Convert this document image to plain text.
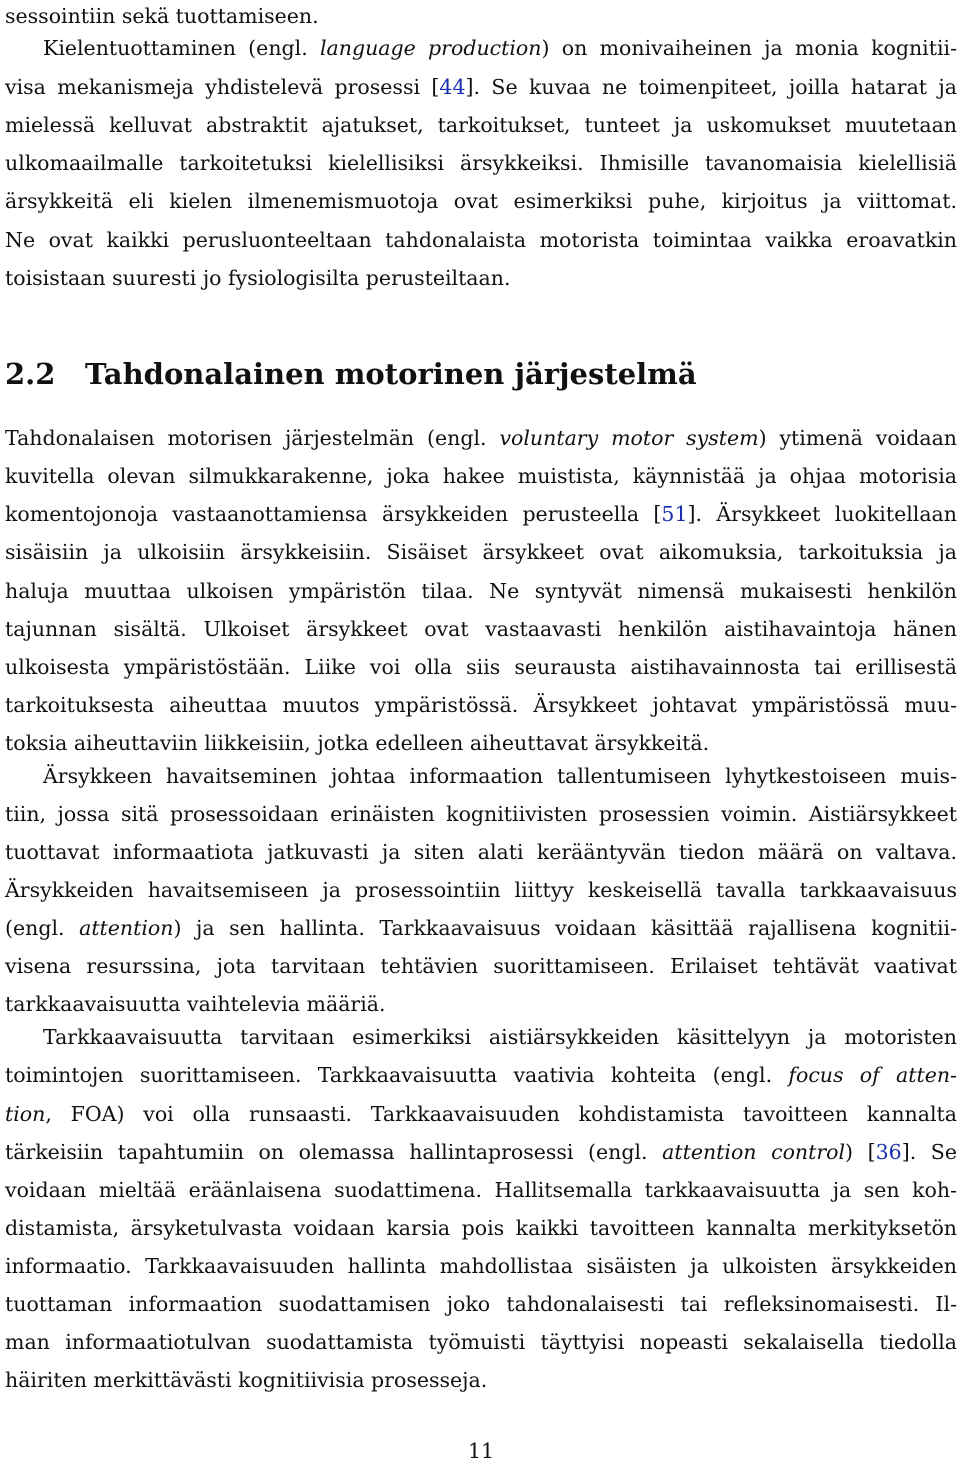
sessointiin sekä tuottamiseen.
Kielentuottaminen (engl. language production) on monivaiheinen ja monia kognitii-
visa mekanismeja yhdistelevä prosessi [44]. Se kuvaa ne toimenpiteet, joilla hatarat ja
mielessä kelluvat abstraktit ajatukset, tarkoitukset, tunteet ja uskomukset muutetaan
ulkomaailmalle tarkoitetuksi kielellisiksi ärsykkeiksi. Ihmisille tavanomaisia kielellisiä
ärsykkeitä eli kielen ilmenemismuotoja ovat esimerkiksi puhe, kirjoitus ja viittomat.
Ne ovat kaikki perusluonteeltaan tahdonalaista motorista toimintaa vaikka eroavatkin
toisistaan suuresti jo fysiologisilta perusteiltaan.
2.2 Tahdonalainen motorinen järjestelmä
Tahdonalaisen motorisen järjestelmän (engl. voluntary motor system) ytimenä voidaan
kuvitella olevan silmukkarakenne, joka hakee muistista, käynnistää ja ohjaa motorisia
komentojonoja vastaanottamiensa ärsykkeiden perusteella [51]. Ärsykkeet luokitellaan
sisäisiin ja ulkoisiin ärsykkeisiin. Sisäiset ärsykkeet ovat aikomuksia, tarkoituksia ja
haluja muuttaa ulkoisen ympäristön tilaa. Ne syntyvät nimensä mukaisesti henkilön
tajunnan sisältä. Ulkoiset ärsykkeet ovat vastaavasti henkilön aistihavaintoja hänen
ulkoisesta ympäristöstään. Liike voi olla siis seurausta aistihavainnosta tai erillisestä
tarkoituksesta aiheuttaa muutos ympäristössä. Ärsykkeet johtavat ympäristössä muu-
toksia aiheuttaviin liikkeisiin, jotka edelleen aiheuttavat ärsykkeitä.
Ärsykkeen havaitseminen johtaa informaation tallentumiseen lyhytkestoiseen muis-
tiin, jossa sitä prosessoidaan erinäisten kognitiivisten prosessien voimin. Aistiärsykkeet
tuottavat informaatiota jatkuvasti ja siten alati kerääntyvän tiedon määrä on valtava.
Ärsykkeiden havaitsemiseen ja prosessointiin liittyy keskeisellä tavalla tarkkaavaisuus
(engl. attention) ja sen hallinta. Tarkkaavaisuus voidaan käsittää rajallisena kognitii-
visena resurssina, jota tarvitaan tehtävien suorittamiseen. Erilaiset tehtävät vaativat
tarkkaavaisuutta vaihtelevia määriä.
Tarkkaavaisuutta tarvitaan esimerkiksi aistiärsykkeiden käsittelyyn ja motoristen
toimintojen suorittamiseen. Tarkkaavaisuutta vaativia kohteita (engl. focus of atten-
tion, FOA) voi olla runsaasti. Tarkkaavaisuuden kohdistamista tavoitteen kannalta
tärkeisiin tapahtumiin on olemassa hallintaprosessi (engl. attention control) [36]. Se
voidaan mieltää eräänlaisena suodattimena. Hallitsemalla tarkkaavaisuutta ja sen koh-
distamista, ärsyketulvasta voidaan karsia pois kaikki tavoitteen kannalta merkityksetön
informaatio. Tarkkaavaisuuden hallinta mahdollistaa sisäisten ja ulkoisten ärsykkeiden
tuottaman informaation suodattamisen joko tahdonalaisesti tai refleksinomaisesti. Il-
man informaatiotulvan suodattamista työmuisti täyttyisi nopeasti sekalaisella tiedolla
häiriten merkittävästi kognitiivisia prosesseja.
11
